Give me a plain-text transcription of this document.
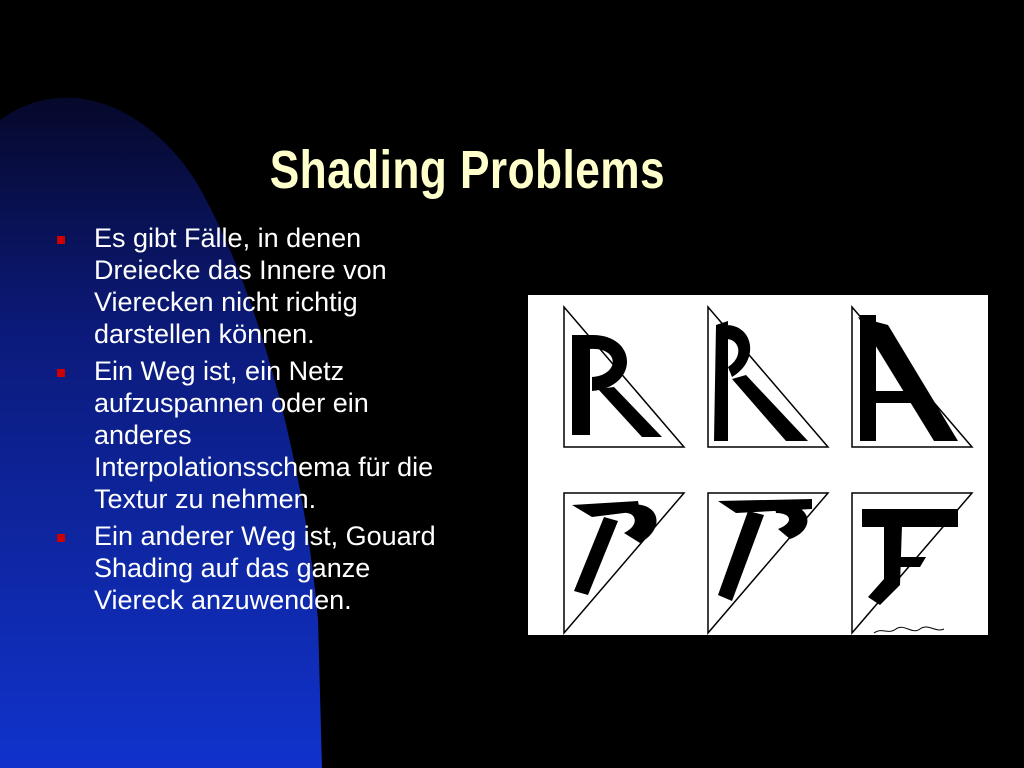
Shading Problems
Es gibt Fälle, in denen
Dreiecke das Innere von
Vierecken nicht richtig
darstellen können.
Ein Weg ist, ein Netz
aufzuspannen oder ein
anderes
Interpolationsschema für die
Textur zu nehmen.
Ein anderer Weg ist, Gouard
Shading auf das ganze
Viereck anzuwenden.
